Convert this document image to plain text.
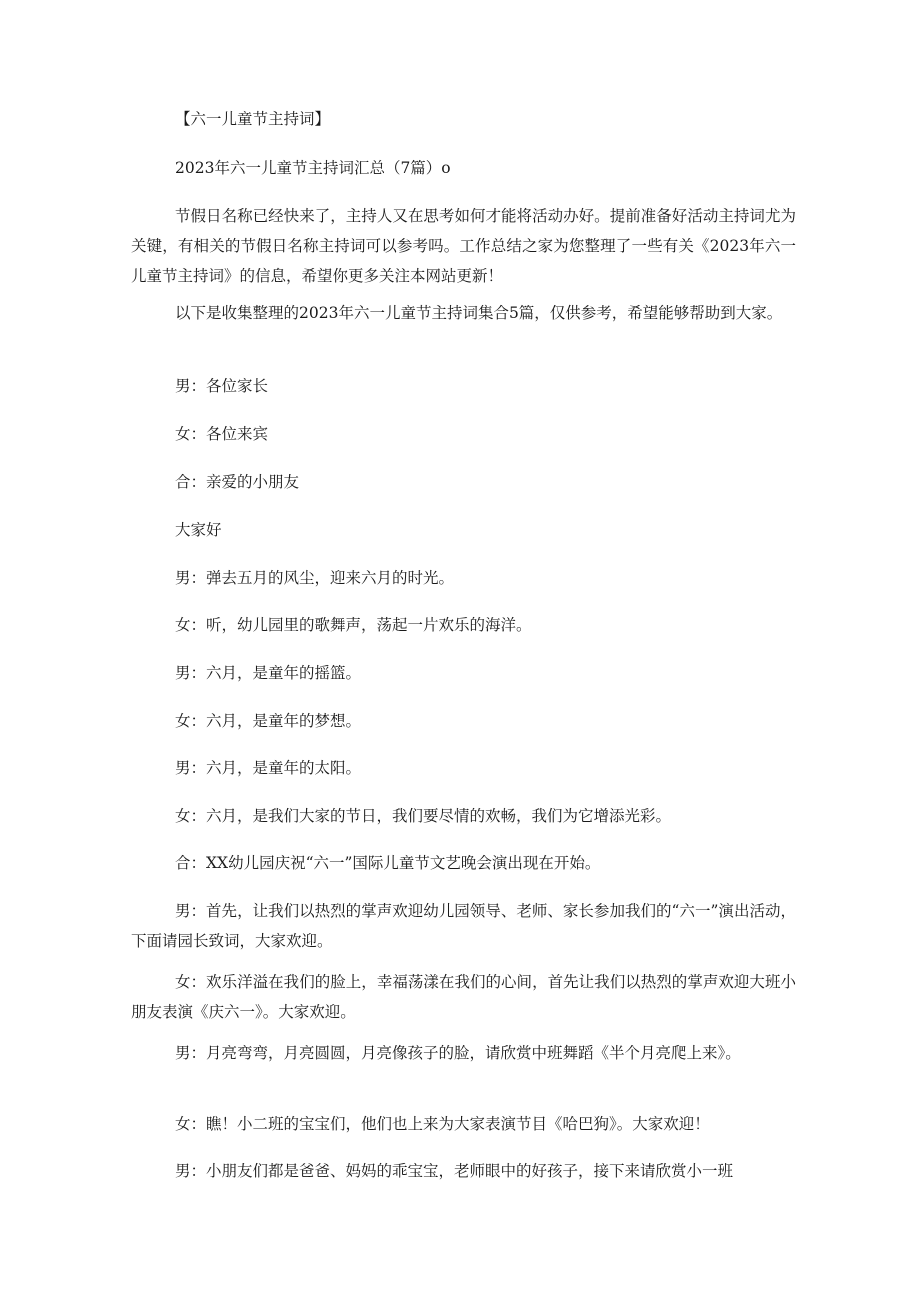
【六一儿童节主持词】

2023年六一儿童节主持词汇总（7篇）o

节假日名称已经快来了，主持人又在思考如何才能将活动办好。提前准备好活动主持词尤为关键，有相关的节假日名称主持词可以参考吗。工作总结之家为您整理了一些有关《2023年六一儿童节主持词》的信息，希望你更多关注本网站更新！

以下是收集整理的2023年六一儿童节主持词集合5篇，仅供参考，希望能够帮助到大家。

男：各位家长

女：各位来宾

合：亲爱的小朋友

大家好

男：弹去五月的风尘，迎来六月的时光。

女：听，幼儿园里的歌舞声，荡起一片欢乐的海洋。

男：六月，是童年的摇篮。

女：六月，是童年的梦想。

男：六月，是童年的太阳。

女：六月，是我们大家的节日，我们要尽情的欢畅，我们为它增添光彩。

合：XX幼儿园庆祝“六一”国际儿童节文艺晚会演出现在开始。

男：首先，让我们以热烈的掌声欢迎幼儿园领导、老师、家长参加我们的“六一”演出活动，下面请园长致词，大家欢迎。

女：欢乐洋溢在我们的脸上，幸福荡漾在我们的心间，首先让我们以热烈的掌声欢迎大班小朋友表演《庆六一》。大家欢迎。

男：月亮弯弯，月亮圆圆，月亮像孩子的脸，请欣赏中班舞蹈《半个月亮爬上来》。

女：瞧！小二班的宝宝们，他们也上来为大家表演节目《哈巴狗》。大家欢迎！

男：小朋友们都是爸爸、妈妈的乖宝宝，老师眼中的好孩子，接下来请欣赏小一班
